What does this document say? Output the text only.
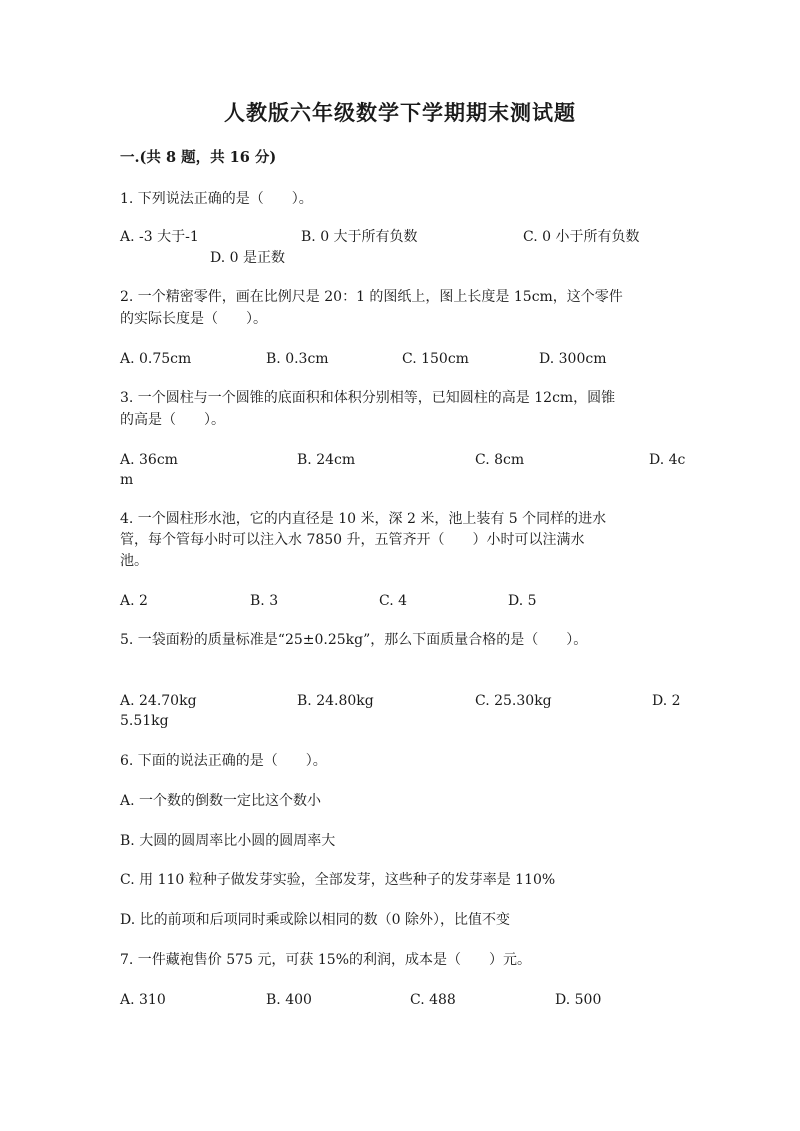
人教版六年级数学下学期期末测试题
一.(共 8 题，共 16 分)
1. 下列说法正确的是（　　）。
A. -3 大于-1	B. 0 大于所有负数	C. 0 小于所有负数
D. 0 是正数
2. 一个精密零件，画在比例尺是 20：1 的图纸上，图上长度是 15cm，这个零件
的实际长度是（　　）。
A. 0.75cm	B. 0.3cm	C. 150cm	D. 300cm
3. 一个圆柱与一个圆锥的底面积和体积分别相等，已知圆柱的高是 12cm，圆锥
的高是（　　）。
A. 36cm	B. 24cm	C. 8cm	D. 4c
m
4. 一个圆柱形水池，它的内直径是 10 米，深 2 米，池上装有 5 个同样的进水
管，每个管每小时可以注入水 7850 升，五管齐开（　　）小时可以注满水
池。
A. 2	B. 3	C. 4	D. 5
5. 一袋面粉的质量标准是“25±0.25kg”，那么下面质量合格的是（　　）。
A. 24.70kg	B. 24.80kg	C. 25.30kg	D. 2
5.51kg
6. 下面的说法正确的是（　　）。
A. 一个数的倒数一定比这个数小
B. 大圆的圆周率比小圆的圆周率大
C. 用 110 粒种子做发芽实验，全部发芽，这些种子的发芽率是 110%
D. 比的前项和后项同时乘或除以相同的数（0 除外），比值不变
7. 一件藏袍售价 575 元，可获 15%的利润，成本是（　　）元。
A. 310	B. 400	C. 488	D. 500
